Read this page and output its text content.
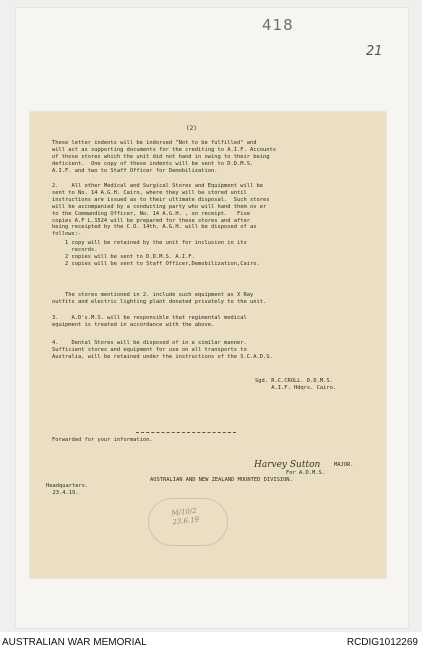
418
21
(2)
These letter indents will be indorsed "Not to be fulfilled" and
will act as supporting documents for the crediting to A.I.F. Accounts
of those stores which the unit did not hand in owing to their being
deficient.  One copy of these indents will be sent to D.D.M.S.
A.I.F. and two to Staff Officer for Demobilization.
2.    All other Medical and Surgical Stores and Equipment will be
sent to No. 14 A.G.H. Cairo, where they will be stored until
instructions are issued as to their ultimate disposal.  Such stores
will be accompanied by a conducting party who will hand them ov er
to the Commanding Officer, No. 14 A.G.H. , on receipt.   Five
copies A.F L.1524 will be prepared for these stores and after
being receipted by the C.O. 14th. A.G.H. will be disposed of as
follows:-
1 copy will be retained by the unit for inclusion in its
records.
2 copies will be sent to D.D.M.S. A.I.F.
2 copies will be sent to Staff Officer,Demobilization,Cairo.
The stores mentioned in 2. include such equipment as X Ray
outfits and electric lighting plant donated privately to the unit.
3.    A.D's.M.S. will be responsible that regimental medical
equipment is treated in accordance with the above.
4.    Dental Stores will be disposed of in a similar manner.
Sufficient stores and equipment for use on all transports to
Australia, will be retained under the instructions of the S.C.A.D.S.
Sgd. R.C.CROLL. D.D.M.S.
A.I.F. Hdqrs. Cairo.
Forwarded for your information.
Harvey Sutton	MAJOR.
For A.D.M.S.
AUSTRALIAN AND NEW ZEALAND MOUNTED DIVISION.
Headquarters.
23.4.19.
M/10/2
23.6.19
AUSTRALIAN WAR MEMORIAL	RCDIG1012269
